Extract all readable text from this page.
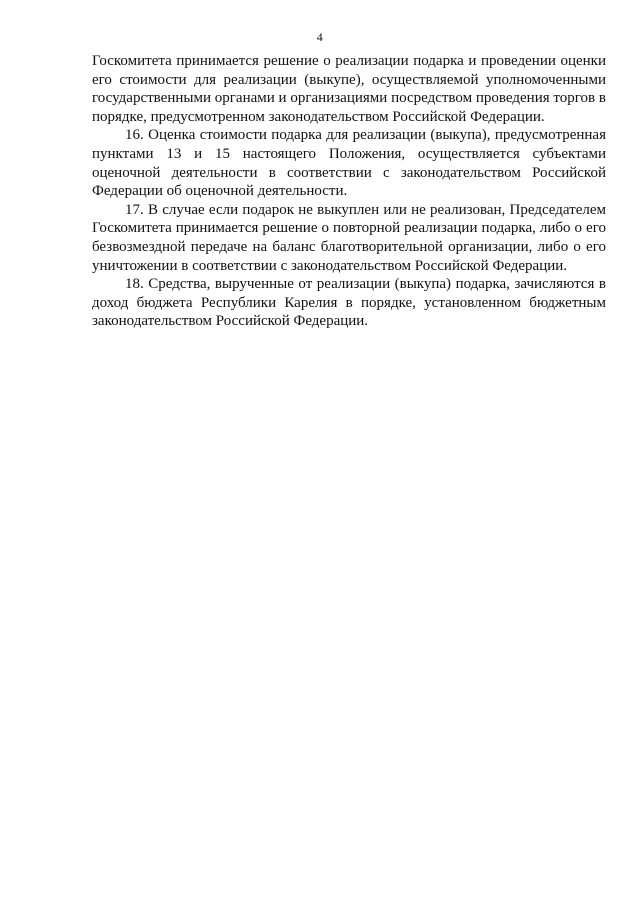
4

Госкомитета принимается решение о реализации подарка и проведении оценки его стоимости для реализации (выкупе), осуществляемой уполномоченными государственными органами и организациями посредством проведения торгов в порядке, предусмотренном законодательством Российской Федерации.

16. Оценка стоимости подарка для реализации (выкупа), предусмотренная пунктами 13 и 15 настоящего Положения, осуществляется субъектами оценочной деятельности в соответствии с законодательством Российской Федерации об оценочной деятельности.

17. В случае если подарок не выкуплен или не реализован, Председателем Госкомитета принимается решение о повторной реализации подарка, либо о его безвозмездной передаче на баланс благотворительной организации, либо о его уничтожении в соответствии с законодательством Российской Федерации.

18. Средства, вырученные от реализации (выкупа) подарка, зачисляются в доход бюджета Республики Карелия в порядке, установленном бюджетным законодательством Российской Федерации.
